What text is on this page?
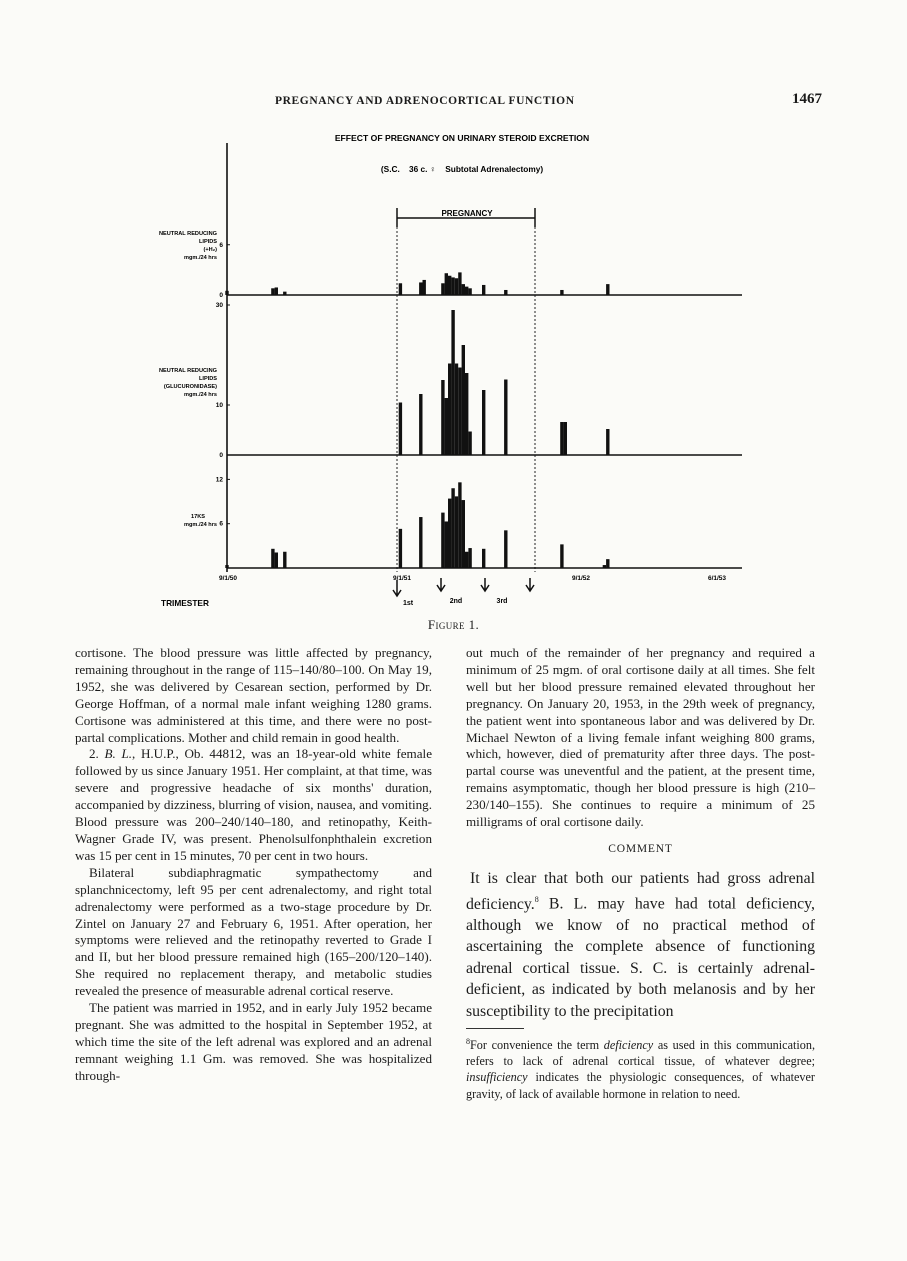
PREGNANCY AND ADRENOCORTICAL FUNCTION	1467
EFFECT OF PREGNANCY ON URINARY STEROID EXCRETION
(S.C.    36 c. ♀    Subtotal Adrenalectomy)
PREGNANCY
6
0
NEUTRAL REDUCING
LIPIDS
(+H₂)
mgm./24 hrs
30
10
0
NEUTRAL REDUCING
LIPIDS
(GLUCURONIDASE)
mgm./24 hrs
12
6
17KS
mgm./24 hrs
9/1/50	9/1/51	9/1/52	6/1/53
TRIMESTER	1st	2nd	3rd
Figure 1.

cortisone. The blood pressure was little affected by pregnancy, remaining throughout in the range of 115–140/80–100. On May 19, 1952, she was delivered by Cesarean section, performed by Dr. George Hoffman, of a normal male infant weighing 1280 grams. Cortisone was administered at this time, and there were no post-partal complications. Mother and child remain in good health.

2. B. L., H.U.P., Ob. 44812, was an 18-year-old white female followed by us since January 1951. Her complaint, at that time, was severe and progressive headache of six months' duration, accompanied by dizziness, blurring of vision, nausea, and vomiting. Blood pressure was 200–240/140–180, and retinopathy, Keith-Wagner Grade IV, was present. Phenolsulfonphthalein excretion was 15 per cent in 15 minutes, 70 per cent in two hours.

Bilateral subdiaphragmatic sympathectomy and splanchnicectomy, left 95 per cent adrenalectomy, and right total adrenalectomy were performed as a two-stage procedure by Dr. Zintel on January 27 and February 6, 1951. After operation, her symptoms were relieved and the retinopathy reverted to Grade I and II, but her blood pressure remained high (165–200/120–140). She required no replacement therapy, and metabolic studies revealed the presence of measurable adrenal cortical reserve.

The patient was married in 1952, and in early July 1952 became pregnant. She was admitted to the hospital in September 1952, at which time the site of the left adrenal was explored and an adrenal remnant weighing 1.1 Gm. was removed. She was hospitalized through-

out much of the remainder of her pregnancy and required a minimum of 25 mgm. of oral cortisone daily at all times. She felt well but her blood pressure remained elevated throughout her pregnancy. On January 20, 1953, in the 29th week of pregnancy, the patient went into spontaneous labor and was delivered by Dr. Michael Newton of a living female infant weighing 800 grams, which, however, died of prematurity after three days. The post-partal course was uneventful and the patient, at the present time, remains asymptomatic, though her blood pressure is high (210–230/140–155). She continues to require a minimum of 25 milligrams of oral cortisone daily.

COMMENT

It is clear that both our patients had gross adrenal deficiency.$^8$ B. L. may have had total deficiency, although we know of no practical method of ascertaining the complete absence of functioning adrenal cortical tissue. S. C. is certainly adrenal-deficient, as indicated by both melanosis and by her susceptibility to the precipitation

$^8$For convenience the term deficiency as used in this communication, refers to lack of adrenal cortical tissue, of whatever degree; insufficiency indicates the physiologic consequences, of whatever gravity, of lack of available hormone in relation to need.
